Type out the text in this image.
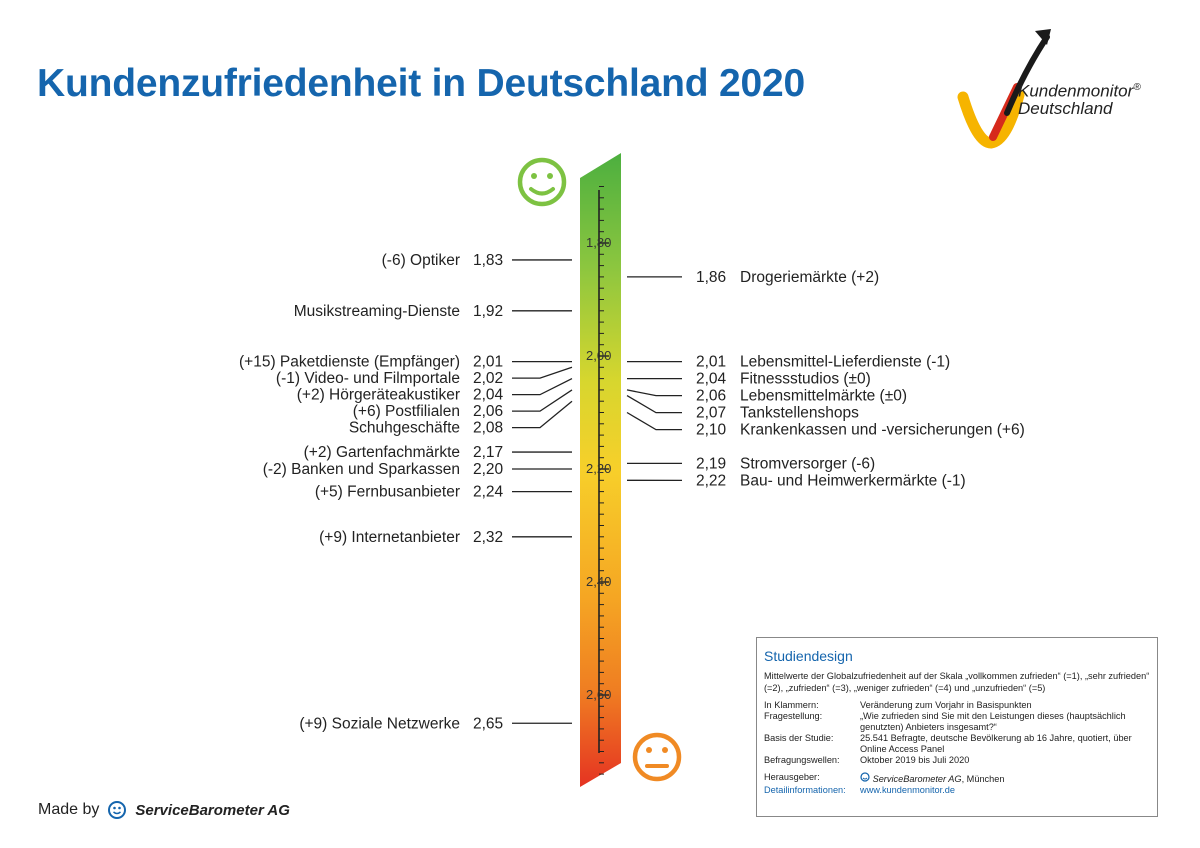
Kundenzufriedenheit in Deutschland 2020
1,80
2,00
2,20
2,40
2,60
1,83
(-6) Optiker
1,92
Musikstreaming-Dienste
2,01
(+15) Paketdienste (Empfänger)
2,02
(-1) Video- und Filmportale
2,04
(+2) Hörgeräteakustiker
2,06
(+6) Postfilialen
2,08
Schuhgeschäfte
2,17
(+2) Gartenfachmärkte
2,20
(-2) Banken und Sparkassen
2,24
(+5) Fernbusanbieter
2,32
(+9) Internetanbieter
2,65
(+9) Soziale Netzwerke
1,86 Drogeriemärkte (+2)
2,01 Lebensmittel-Lieferdienste (-1)
2,04 Fitnessstudios (±0)
2,06 Lebensmittelmärkte (±0)
2,07 Tankstellenshops
2,10 Krankenkassen und -versicherungen (+6)
2,19 Stromversorger (-6)
2,22 Bau- und Heimwerkermärkte (-1)
Kundenmonitor®
Deutschland
Made by ServiceBarometer AG
Studiendesign
Mittelwerte der Globalzufriedenheit auf der Skala „vollkommen zufrieden“ (=1), „sehr zufrieden“ (=2), „zufrieden“ (=3), „weniger zufrieden“ (=4) und „unzufrieden“ (=5)
In Klammern:	Veränderung zum Vorjahr in Basispunkten
Fragestellung:	„Wie zufrieden sind Sie mit den Leistungen dieses (hauptsächlich genutzten) Anbieters insgesamt?“
Basis der Studie:	25.541 Befragte, deutsche Bevölkerung ab 16 Jahre, quotiert, über Online Access Panel
Befragungswellen:	Oktober 2019 bis Juli 2020
Herausgeber:	ServiceBarometer AG, München
Detailinformationen:	www.kundenmonitor.de
